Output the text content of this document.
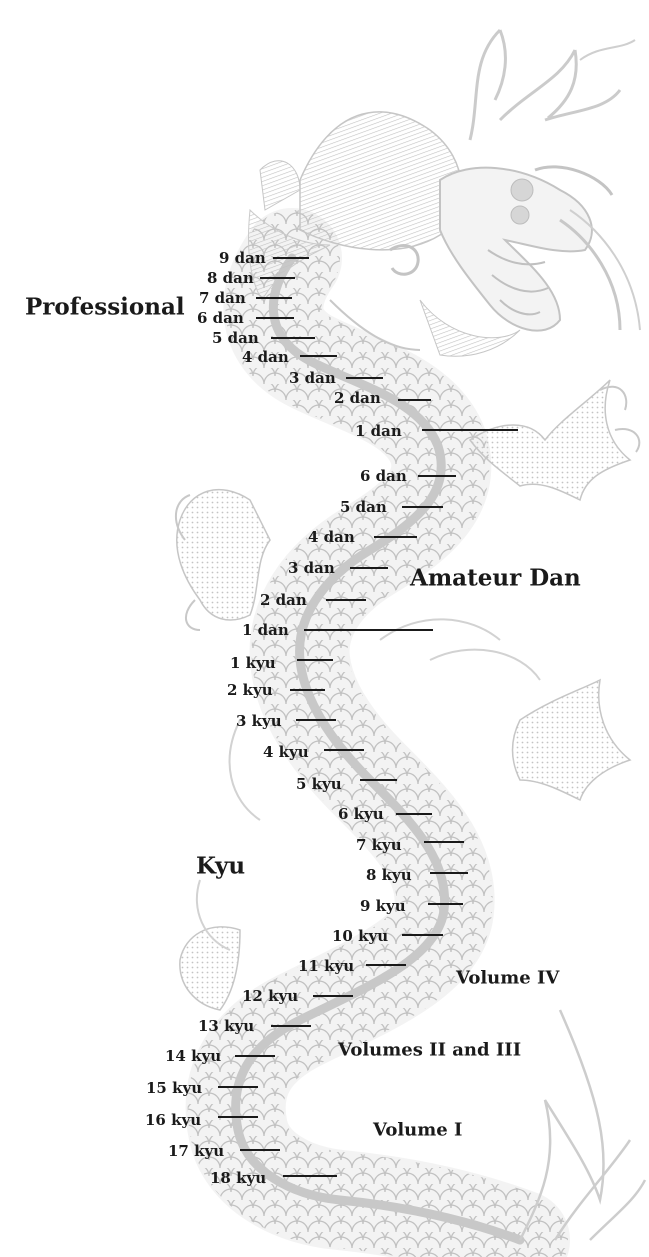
Professional
Amateur Dan
Kyu
Volume IV
Volumes II and III
Volume I
9 dan
8 dan
7 dan
6 dan
5 dan
4 dan
3 dan
2 dan
1 dan
6 dan
5 dan
4 dan
3 dan
2 dan
1 dan
1 kyu
2 kyu
3 kyu
4 kyu
5 kyu
6 kyu
7 kyu
8 kyu
9 kyu
10 kyu
11 kyu
12 kyu
13 kyu
14 kyu
15 kyu
16 kyu
17 kyu
18 kyu
